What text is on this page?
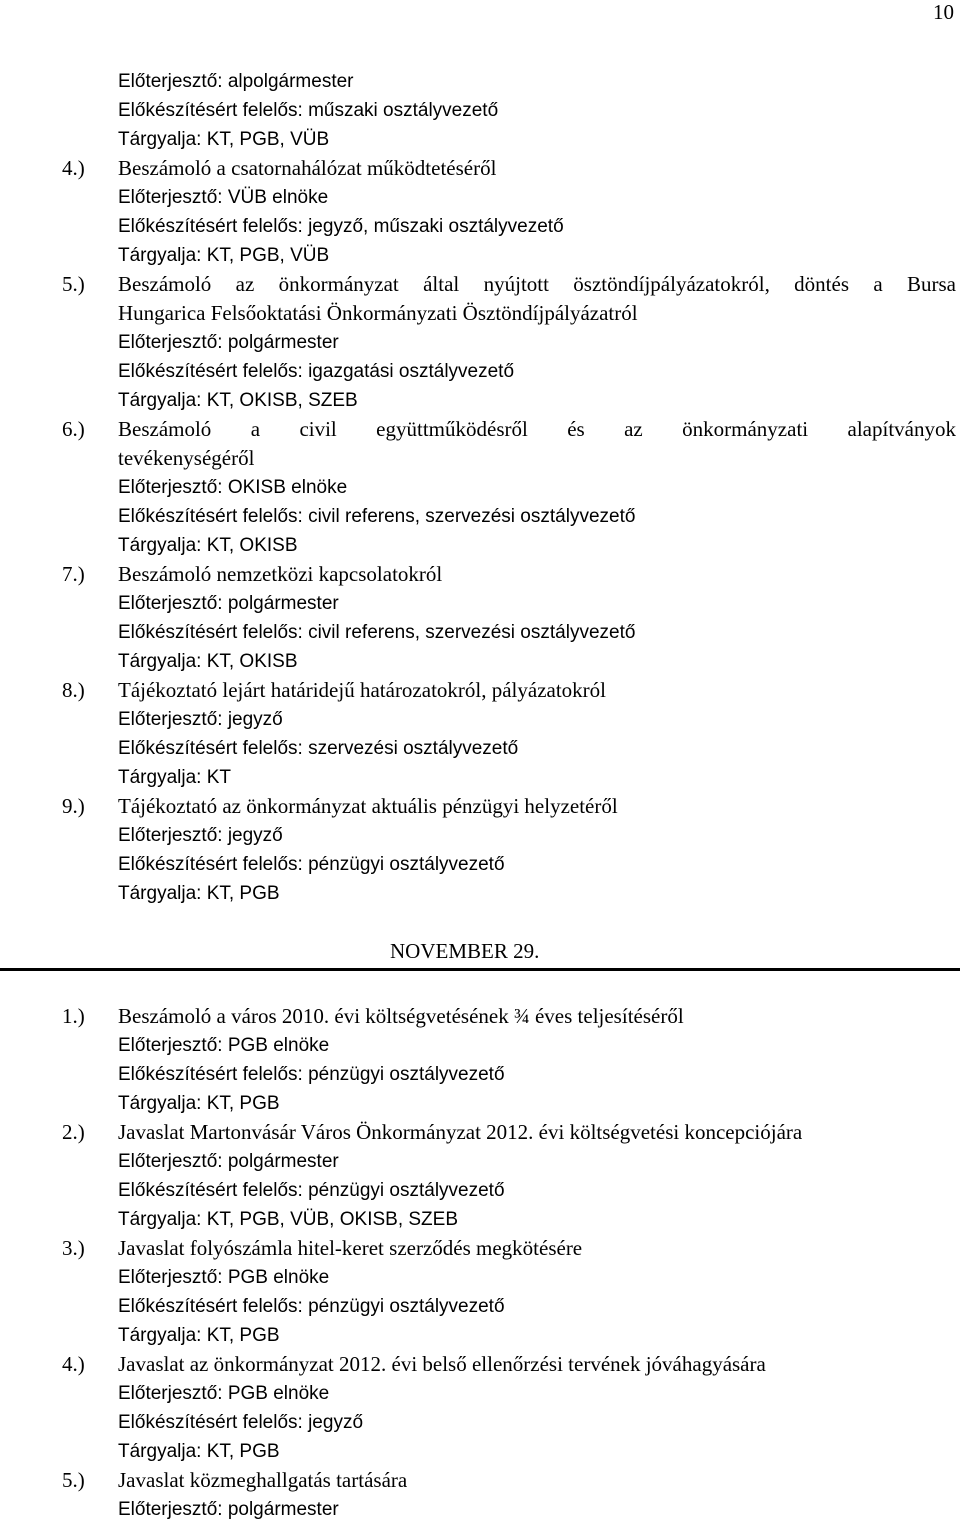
10
Előterjesztő: alpolgármester
Előkészítésért felelős: műszaki osztályvezető
Tárgyalja: KT, PGB, VÜB
4.) Beszámoló a csatornahálózat működtetéséről
Előterjesztő: VÜB elnöke
Előkészítésért felelős: jegyző, műszaki osztályvezető
Tárgyalja: KT, PGB, VÜB
5.) Beszámoló az önkormányzat által nyújtott ösztöndíjpályázatokról, döntés a Bursa
Hungarica Felsőoktatási Önkormányzati Ösztöndíjpályázatról
Előterjesztő: polgármester
Előkészítésért felelős: igazgatási osztályvezető
Tárgyalja: KT, OKISB, SZEB
6.) Beszámoló a civil együttműködésről és az önkormányzati alapítványok
tevékenységéről
Előterjesztő: OKISB elnöke
Előkészítésért felelős: civil referens, szervezési osztályvezető
Tárgyalja: KT, OKISB
7.) Beszámoló nemzetközi kapcsolatokról
Előterjesztő: polgármester
Előkészítésért felelős: civil referens, szervezési osztályvezető
Tárgyalja: KT, OKISB
8.) Tájékoztató lejárt határidejű határozatokról, pályázatokról
Előterjesztő: jegyző
Előkészítésért felelős: szervezési osztályvezető
Tárgyalja: KT
9.) Tájékoztató az önkormányzat aktuális pénzügyi helyzetéről
Előterjesztő: jegyző
Előkészítésért felelős: pénzügyi osztályvezető
Tárgyalja: KT, PGB
NOVEMBER 29.
1.) Beszámoló a város 2010. évi költségvetésének ¾ éves teljesítéséről
Előterjesztő: PGB elnöke
Előkészítésért felelős: pénzügyi osztályvezető
Tárgyalja: KT, PGB
2.) Javaslat Martonvásár Város Önkormányzat 2012. évi költségvetési koncepciójára
Előterjesztő: polgármester
Előkészítésért felelős: pénzügyi osztályvezető
Tárgyalja: KT, PGB, VÜB, OKISB, SZEB
3.) Javaslat folyószámla hitel-keret szerződés megkötésére
Előterjesztő: PGB elnöke
Előkészítésért felelős: pénzügyi osztályvezető
Tárgyalja: KT, PGB
4.) Javaslat az önkormányzat 2012. évi belső ellenőrzési tervének jóváhagyására
Előterjesztő: PGB elnöke
Előkészítésért felelős: jegyző
Tárgyalja: KT, PGB
5.) Javaslat közmeghallgatás tartására
Előterjesztő: polgármester
